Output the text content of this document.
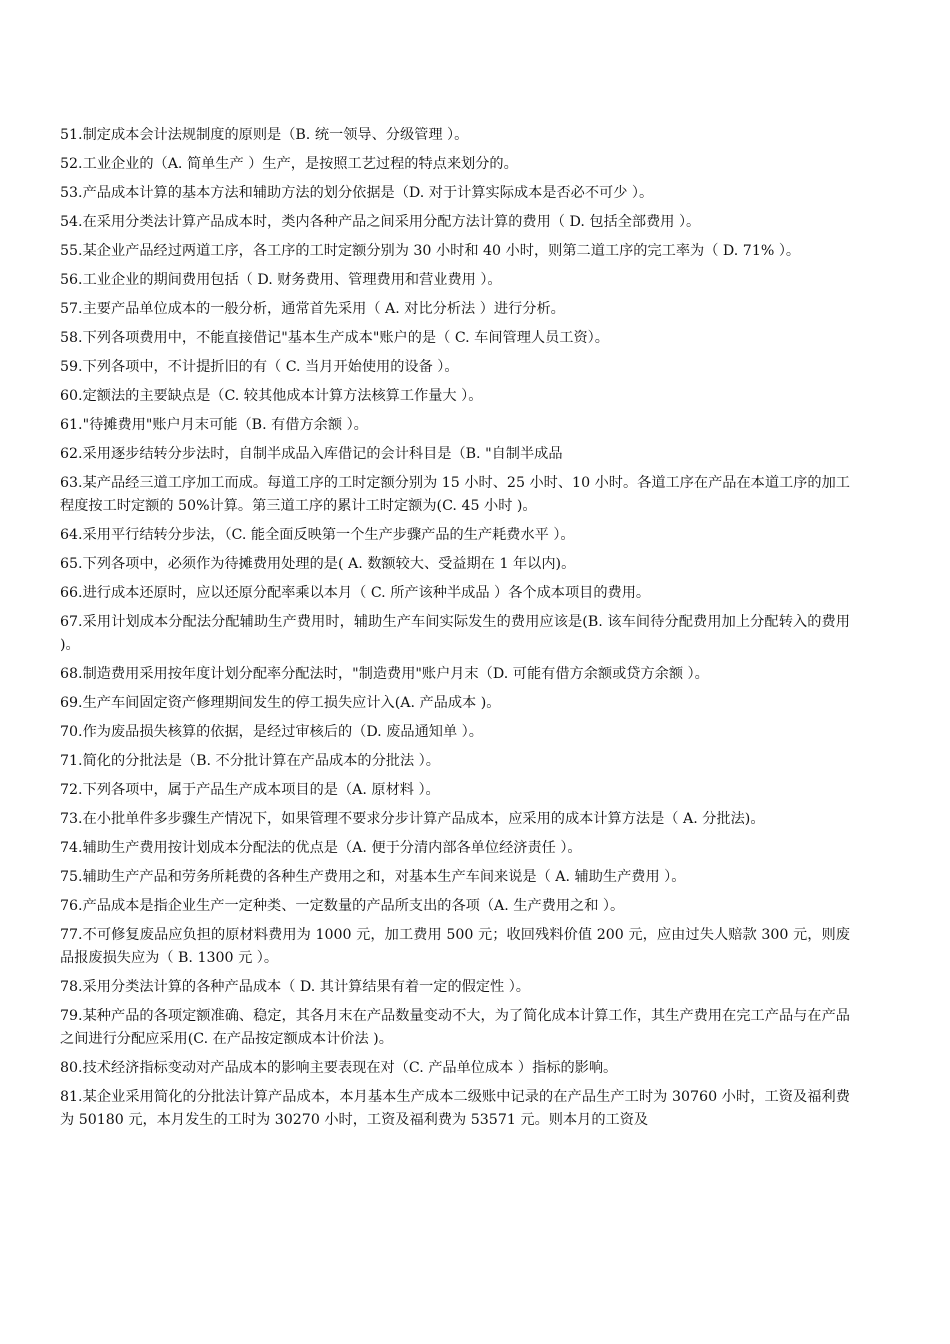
51.制定成本会计法规制度的原则是（B. 统一领导、分级管理 ）。

52.工业企业的（A. 简单生产 ）生产，是按照工艺过程的特点来划分的。

53.产品成本计算的基本方法和辅助方法的划分依据是（D. 对于计算实际成本是否必不可少 ）。

54.在采用分类法计算产品成本时，类内各种产品之间采用分配方法计算的费用（ D. 包括全部费用 ）。

55.某企业产品经过两道工序，各工序的工时定额分别为 30 小时和 40 小时，则第二道工序的完工率为（ D. 71% ）。

56.工业企业的期间费用包括（ D. 财务费用、管理费用和营业费用 ）。

57.主要产品单位成本的一般分析，通常首先采用（ A. 对比分析法 ）进行分析。

58.下列各项费用中，不能直接借记"基本生产成本"账户的是（ C. 车间管理人员工资）。

59.下列各项中，不计提折旧的有（ C. 当月开始使用的设备 ）。

60.定额法的主要缺点是（C. 较其他成本计算方法核算工作量大 ）。

61."待摊费用"账户月末可能（B. 有借方余额 ）。

62.采用逐步结转分步法时，自制半成品入库借记的会计科目是（B. "自制半成品

63.某产品经三道工序加工而成。每道工序的工时定额分别为 15 小时、25 小时、10 小时。各道工序在产品在本道工序的加工程度按工时定额的 50%计算。第三道工序的累计工时定额为(C. 45 小时 )。

64.采用平行结转分步法，（C. 能全面反映第一个生产步骤产品的生产耗费水平 ）。

65.下列各项中，必须作为待摊费用处理的是( A. 数额较大、受益期在 1 年以内)。

66.进行成本还原时，应以还原分配率乘以本月（ C. 所产该种半成品 ）各个成本项目的费用。

67.采用计划成本分配法分配辅助生产费用时，辅助生产车间实际发生的费用应该是(B. 该车间待分配费用加上分配转入的费用 )。

68.制造费用采用按年度计划分配率分配法时，"制造费用"账户月末（D. 可能有借方余额或贷方余额 ）。

69.生产车间固定资产修理期间发生的停工损失应计入(A. 产品成本 )。

70.作为废品损失核算的依据，是经过审核后的（D. 废品通知单 ）。

71.简化的分批法是（B. 不分批计算在产品成本的分批法 ）。

72.下列各项中，属于产品生产成本项目的是（A. 原材料 ）。

73.在小批单件多步骤生产情况下，如果管理不要求分步计算产品成本，应采用的成本计算方法是（ A. 分批法)。

74.辅助生产费用按计划成本分配法的优点是（A. 便于分清内部各单位经济责任 ）。

75.辅助生产产品和劳务所耗费的各种生产费用之和，对基本生产车间来说是（ A. 辅助生产费用 ）。

76.产品成本是指企业生产一定种类、一定数量的产品所支出的各项（A. 生产费用之和 ）。

77.不可修复废品应负担的原材料费用为 1000 元，加工费用 500 元；收回残料价值 200 元，应由过失人赔款 300 元，则废品报废损失应为（ B. 1300 元 ）。

78.采用分类法计算的各种产品成本（ D. 其计算结果有着一定的假定性 ）。

79.某种产品的各项定额准确、稳定，其各月末在产品数量变动不大，为了简化成本计算工作，其生产费用在完工产品与在产品之间进行分配应采用(C. 在产品按定额成本计价法 )。

80.技术经济指标变动对产品成本的影响主要表现在对（C. 产品单位成本 ）指标的影响。

81.某企业采用简化的分批法计算产品成本，本月基本生产成本二级账中记录的在产品生产工时为 30760 小时，工资及福利费为 50180 元，本月发生的工时为 30270 小时，工资及福利费为 53571 元。则本月的工资及
